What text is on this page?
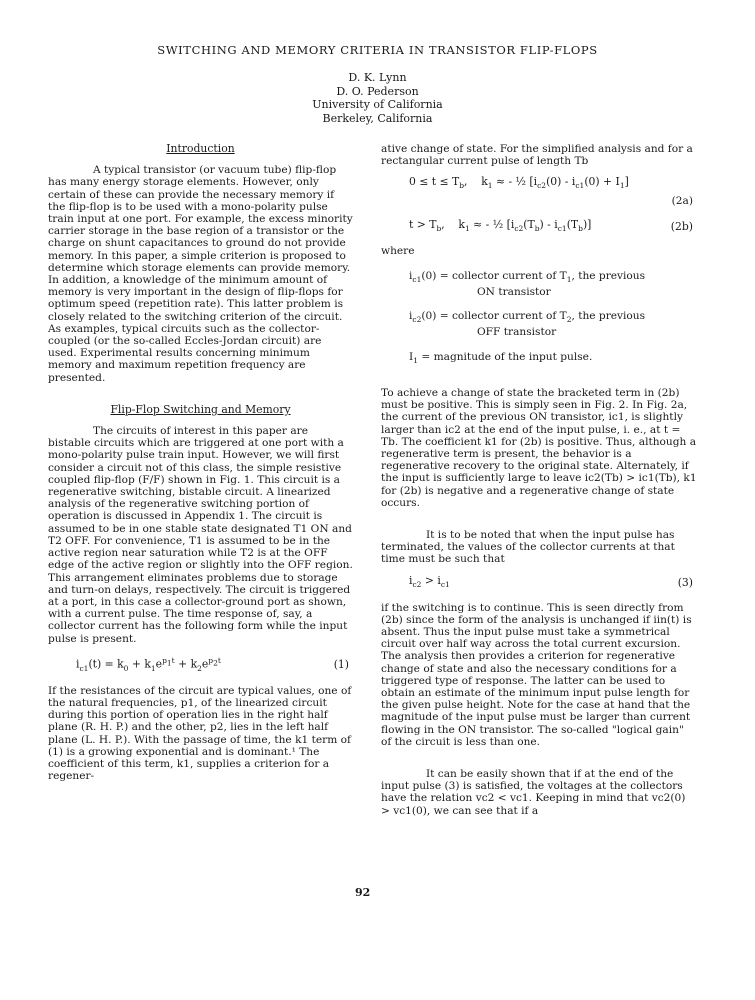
SWITCHING AND MEMORY CRITERIA IN TRANSISTOR FLIP-FLOPS
D. K. Lynn
D. O. Pederson
University of California
Berkeley, California
Introduction

A typical transistor (or vacuum tube) flip-flop has many energy storage elements. However, only certain of these can provide the necessary memory if the flip-flop is to be used with a mono-polarity pulse train input at one port. For example, the excess minority carrier storage in the base region of a transistor or the charge on shunt capacitances to ground do not provide memory. In this paper, a simple criterion is proposed to determine which storage elements can provide memory. In addition, a knowledge of the minimum amount of memory is very important in the design of flip-flops for optimum speed (repetition rate). This latter problem is closely related to the switching criterion of the circuit. As examples, typical circuits such as the collector-coupled (or the so-called Eccles-Jordan circuit) are used. Experimental results concerning minimum memory and maximum repetition frequency are presented.

Flip-Flop Switching and Memory

The circuits of interest in this paper are bistable circuits which are triggered at one port with a mono-polarity pulse train input. However, we will first consider a circuit not of this class, the simple resistive coupled flip-flop (F/F) shown in Fig. 1. This circuit is a regenerative switching, bistable circuit. A linearized analysis of the regenerative switching portion of operation is discussed in Appendix 1. The circuit is assumed to be in one stable state designated T1 ON and T2 OFF. For convenience, T1 is assumed to be in the active region near saturation while T2 is at the OFF edge of the active region or slightly into the OFF region. This arrangement eliminates problems due to storage and turn-on delays, respectively. The circuit is triggered at a port, in this case a collector-ground port as shown, with a current pulse. The time response of, say, a collector current has the following form while the input pulse is present.

$i_{c1}(t) = k_0 + k_1e^{p_1t} + k_2e^{p_2t}$	(1)

If the resistances of the circuit are typical values, one of the natural frequencies, p1, of the linearized circuit during this portion of operation lies in the right half plane (R. H. P.) and the other, p2, lies in the left half plane (L. H. P.). With the passage of time, the k1 term of (1) is a growing exponential and is dominant.¹ The coefficient of this term, k1, supplies a criterion for a regener-

ative change of state. For the simplified analysis and for a rectangular current pulse of length Tb

$0 \le t \le T_b$,    $k_1$ ≈ - ½ $[i_{c2}(0) - i_{c1}(0) + I_1]$
(2a)
$t > T_b$,    $k_1$ ≈ - ½ $[i_{c2}(T_b) - i_{c1}(T_b)]$	(2b)

where

$i_{c1}(0)$ = collector current of $T_1$, the previous
ON transistor
$i_{c2}(0)$ = collector current of $T_2$, the previous
OFF transistor
$I_1$ = magnitude of the input pulse.

To achieve a change of state the bracketed term in (2b) must be positive. This is simply seen in Fig. 2. In Fig. 2a, the current of the previous ON transistor, ic1, is slightly larger than ic2 at the end of the input pulse, i. e., at t = Tb. The coefficient k1 for (2b) is positive. Thus, although a regenerative term is present, the behavior is a regenerative recovery to the original state. Alternately, if the input is sufficiently large to leave ic2(Tb) > ic1(Tb), k1 for (2b) is negative and a regenerative change of state occurs.

It is to be noted that when the input pulse has terminated, the values of the collector currents at that time must be such that

$i_{c2} > i_{c1}$	(3)

if the switching is to continue. This is seen directly from (2b) since the form of the analysis is unchanged if iin(t) is absent. Thus the input pulse must take a symmetrical circuit over half way across the total current excursion. The analysis then provides a criterion for regenerative change of state and also the necessary conditions for a triggered type of response. The latter can be used to obtain an estimate of the minimum input pulse length for the given pulse height. Note for the case at hand that the magnitude of the input pulse must be larger than current flowing in the ON transistor. The so-called "logical gain" of the circuit is less than one.

It can be easily shown that if at the end of the input pulse (3) is satisfied, the voltages at the collectors have the relation vc2 < vc1. Keeping in mind that vc2(0) > vc1(0), we can see that if a

92
